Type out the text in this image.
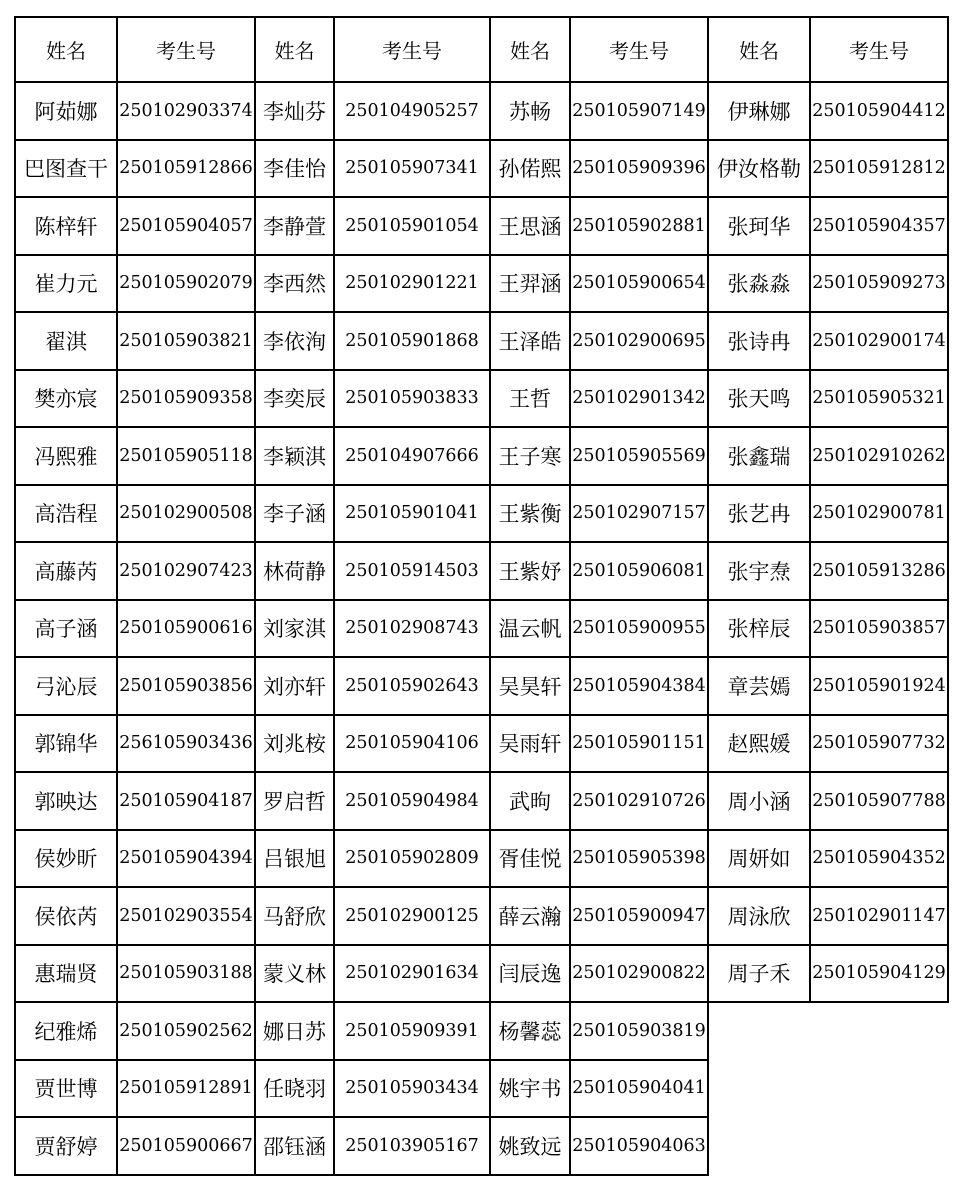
姓名	考生号	姓名	考生号	姓名	考生号	姓名	考生号
阿茹娜	250102903374	李灿芬	250104905257	苏畅	250105907149	伊琳娜	250105904412
巴图查干	250105912866	李佳怡	250105907341	孙偌熙	250105909396	伊汝格勒	250105912812
陈梓轩	250105904057	李静萱	250105901054	王思涵	250105902881	张珂华	250105904357
崔力元	250105902079	李西然	250102901221	王羿涵	250105900654	张淼淼	250105909273
翟淇	250105903821	李依洵	250105901868	王泽皓	250102900695	张诗冉	250102900174
樊亦宸	250105909358	李奕辰	250105903833	王哲	250102901342	张天鸣	250105905321
冯熙雅	250105905118	李颖淇	250104907666	王子寒	250105905569	张鑫瑞	250102910262
高浩程	250102900508	李子涵	250105901041	王紫衡	250102907157	张艺冉	250102900781
高藤芮	250102907423	林荷静	250105914503	王紫妤	250105906081	张宇焘	250105913286
高子涵	250105900616	刘家淇	250102908743	温云帆	250105900955	张梓辰	250105903857
弓沁辰	250105903856	刘亦轩	250105902643	吴昊轩	250105904384	章芸嫣	250105901924
郭锦华	256105903436	刘兆桉	250105904106	吴雨轩	250105901151	赵熙媛	250105907732
郭映达	250105904187	罗启哲	250105904984	武昫	250102910726	周小涵	250105907788
侯妙昕	250105904394	吕银旭	250105902809	胥佳悦	250105905398	周妍如	250105904352
侯依芮	250102903554	马舒欣	250102900125	薛云瀚	250105900947	周泳欣	250102901147
惠瑞贤	250105903188	蒙义林	250102901634	闫辰逸	250102900822	周子禾	250105904129
纪雅烯	250105902562	娜日苏	250105909391	杨馨蕊	250105903819		
贾世博	250105912891	任晓羽	250105903434	姚宇书	250105904041		
贾舒婷	250105900667	邵钰涵	250103905167	姚致远	250105904063		
